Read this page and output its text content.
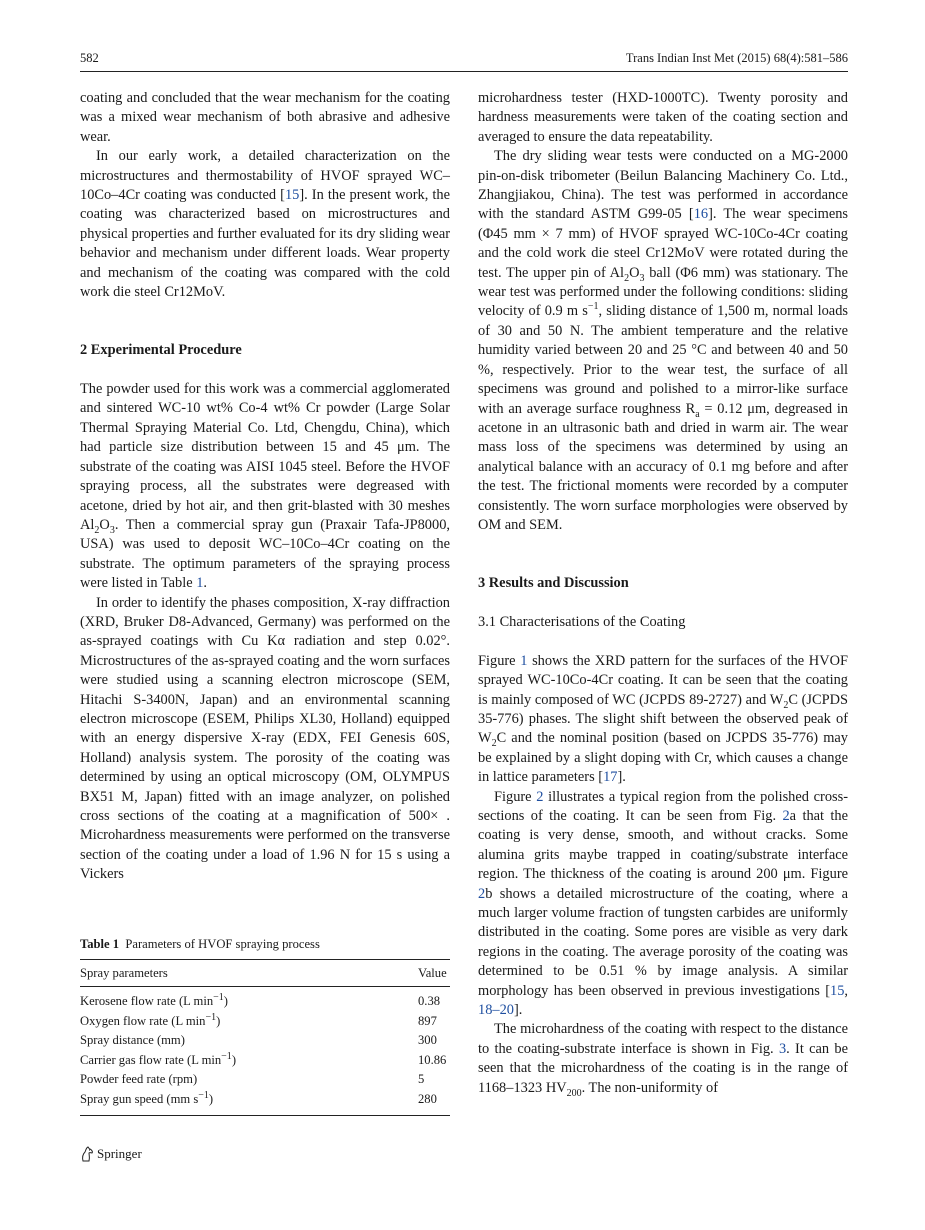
582	Trans Indian Inst Met (2015) 68(4):581–586

coating and concluded that the wear mechanism for the coating was a mixed wear mechanism of both abrasive and adhesive wear.

In our early work, a detailed characterization on the microstructures and thermostability of HVOF sprayed WC–10Co–4Cr coating was conducted [15]. In the present work, the coating was characterized based on microstructures and physical properties and further evaluated for its dry sliding wear behavior and mechanism under different loads. Wear property and mechanism of the coating was compared with the cold work die steel Cr12MoV.

2 Experimental Procedure

The powder used for this work was a commercial agglomerated and sintered WC-10 wt% Co-4 wt% Cr powder (Large Solar Thermal Spraying Material Co. Ltd, Chengdu, China), which had particle size distribution between 15 and 45 μm. The substrate of the coating was AISI 1045 steel. Before the HVOF spraying process, all the substrates were degreased with acetone, dried by hot air, and then grit-blasted with 30 meshes $Al_2O_3$. Then a commercial spray gun (Praxair Tafa-JP8000, USA) was used to deposit WC–10Co–4Cr coating on the substrate. The optimum parameters of the spraying process were listed in Table 1.

In order to identify the phases composition, X-ray diffraction (XRD, Bruker D8-Advanced, Germany) was performed on the as-sprayed coatings with Cu Kα radiation and step 0.02°. Microstructures of the as-sprayed coating and the worn surfaces were studied using a scanning electron microscope (SEM, Hitachi S-3400N, Japan) and an environmental scanning electron microscope (ESEM, Philips XL30, Holland) equipped with an energy dispersive X-ray (EDX, FEI Genesis 60S, Holland) analysis system. The porosity of the coating was determined by using an optical microscopy (OM, OLYMPUS BX51 M, Japan) fitted with an image analyzer, on polished cross sections of the coating at a magnification of 500× . Microhardness measurements were performed on the transverse section of the coating under a load of 1.96 N for 15 s using a Vickers

Table 1 Parameters of HVOF spraying process
Spray parameters	Value
Kerosene flow rate (L $\min^{-1}$)	0.38
Oxygen flow rate (L $\min^{-1}$)	897
Spray distance (mm)	300
Carrier gas flow rate (L $\min^{-1}$)	10.86
Powder feed rate (rpm)	5
Spray gun speed (mm $s^{-1}$)	280

microhardness tester (HXD-1000TC). Twenty porosity and hardness measurements were taken of the coating section and averaged to ensure the data repeatability.

The dry sliding wear tests were conducted on a MG-2000 pin-on-disk tribometer (Beilun Balancing Machinery Co. Ltd., Zhangjiakou, China). The test was performed in accordance with the standard ASTM G99-05 [16]. The wear specimens (Φ45 mm × 7 mm) of HVOF sprayed WC-10Co-4Cr coating and the cold work die steel Cr12MoV were rotated during the test. The upper pin of $Al_2O_3$ ball (Φ6 mm) was stationary. The wear test was performed under the following conditions: sliding velocity of 0.9 m $s^{-1}$, sliding distance of 1,500 m, normal loads of 30 and 50 N. The ambient temperature and the relative humidity varied between 20 and 25 °C and between 40 and 50 %, respectively. Prior to the wear test, the surface of all specimens was ground and polished to a mirror-like surface with an average surface roughness $R_a = 0.12$ μm, degreased in acetone in an ultrasonic bath and dried in warm air. The wear mass loss of the specimens was determined by using an analytical balance with an accuracy of 0.1 mg before and after the test. The frictional moments were recorded by a computer consistently. The worn surface morphologies were observed by OM and SEM.

3 Results and Discussion
3.1 Characterisations of the Coating

Figure 1 shows the XRD pattern for the surfaces of the HVOF sprayed WC-10Co-4Cr coating. It can be seen that the coating is mainly composed of WC (JCPDS 89-2727) and $W_2C$ (JCPDS 35-776) phases. The slight shift between the observed peak of $W_2C$ and the nominal position (based on JCPDS 35-776) may be explained by a slight doping with Cr, which causes a change in lattice parameters [17].

Figure 2 illustrates a typical region from the polished cross-sections of the coating. It can be seen from Fig. 2a that the coating is very dense, smooth, and without cracks. Some alumina grits maybe trapped in coating/substrate interface region. The thickness of the coating is around 200 μm. Figure 2b shows a detailed microstructure of the coating, where a much larger volume fraction of tungsten carbides are uniformly distributed in the coating. Some pores are visible as very dark regions in the coating. The average porosity of the coating was determined to be 0.51 % by image analysis. A similar morphology has been observed in previous investigations [15, 18–20].

The microhardness of the coating with respect to the distance to the coating-substrate interface is shown in Fig. 3. It can be seen that the microhardness of the coating is in the range of 1168–1323 $HV_{200}$. The non-uniformity of

Springer
